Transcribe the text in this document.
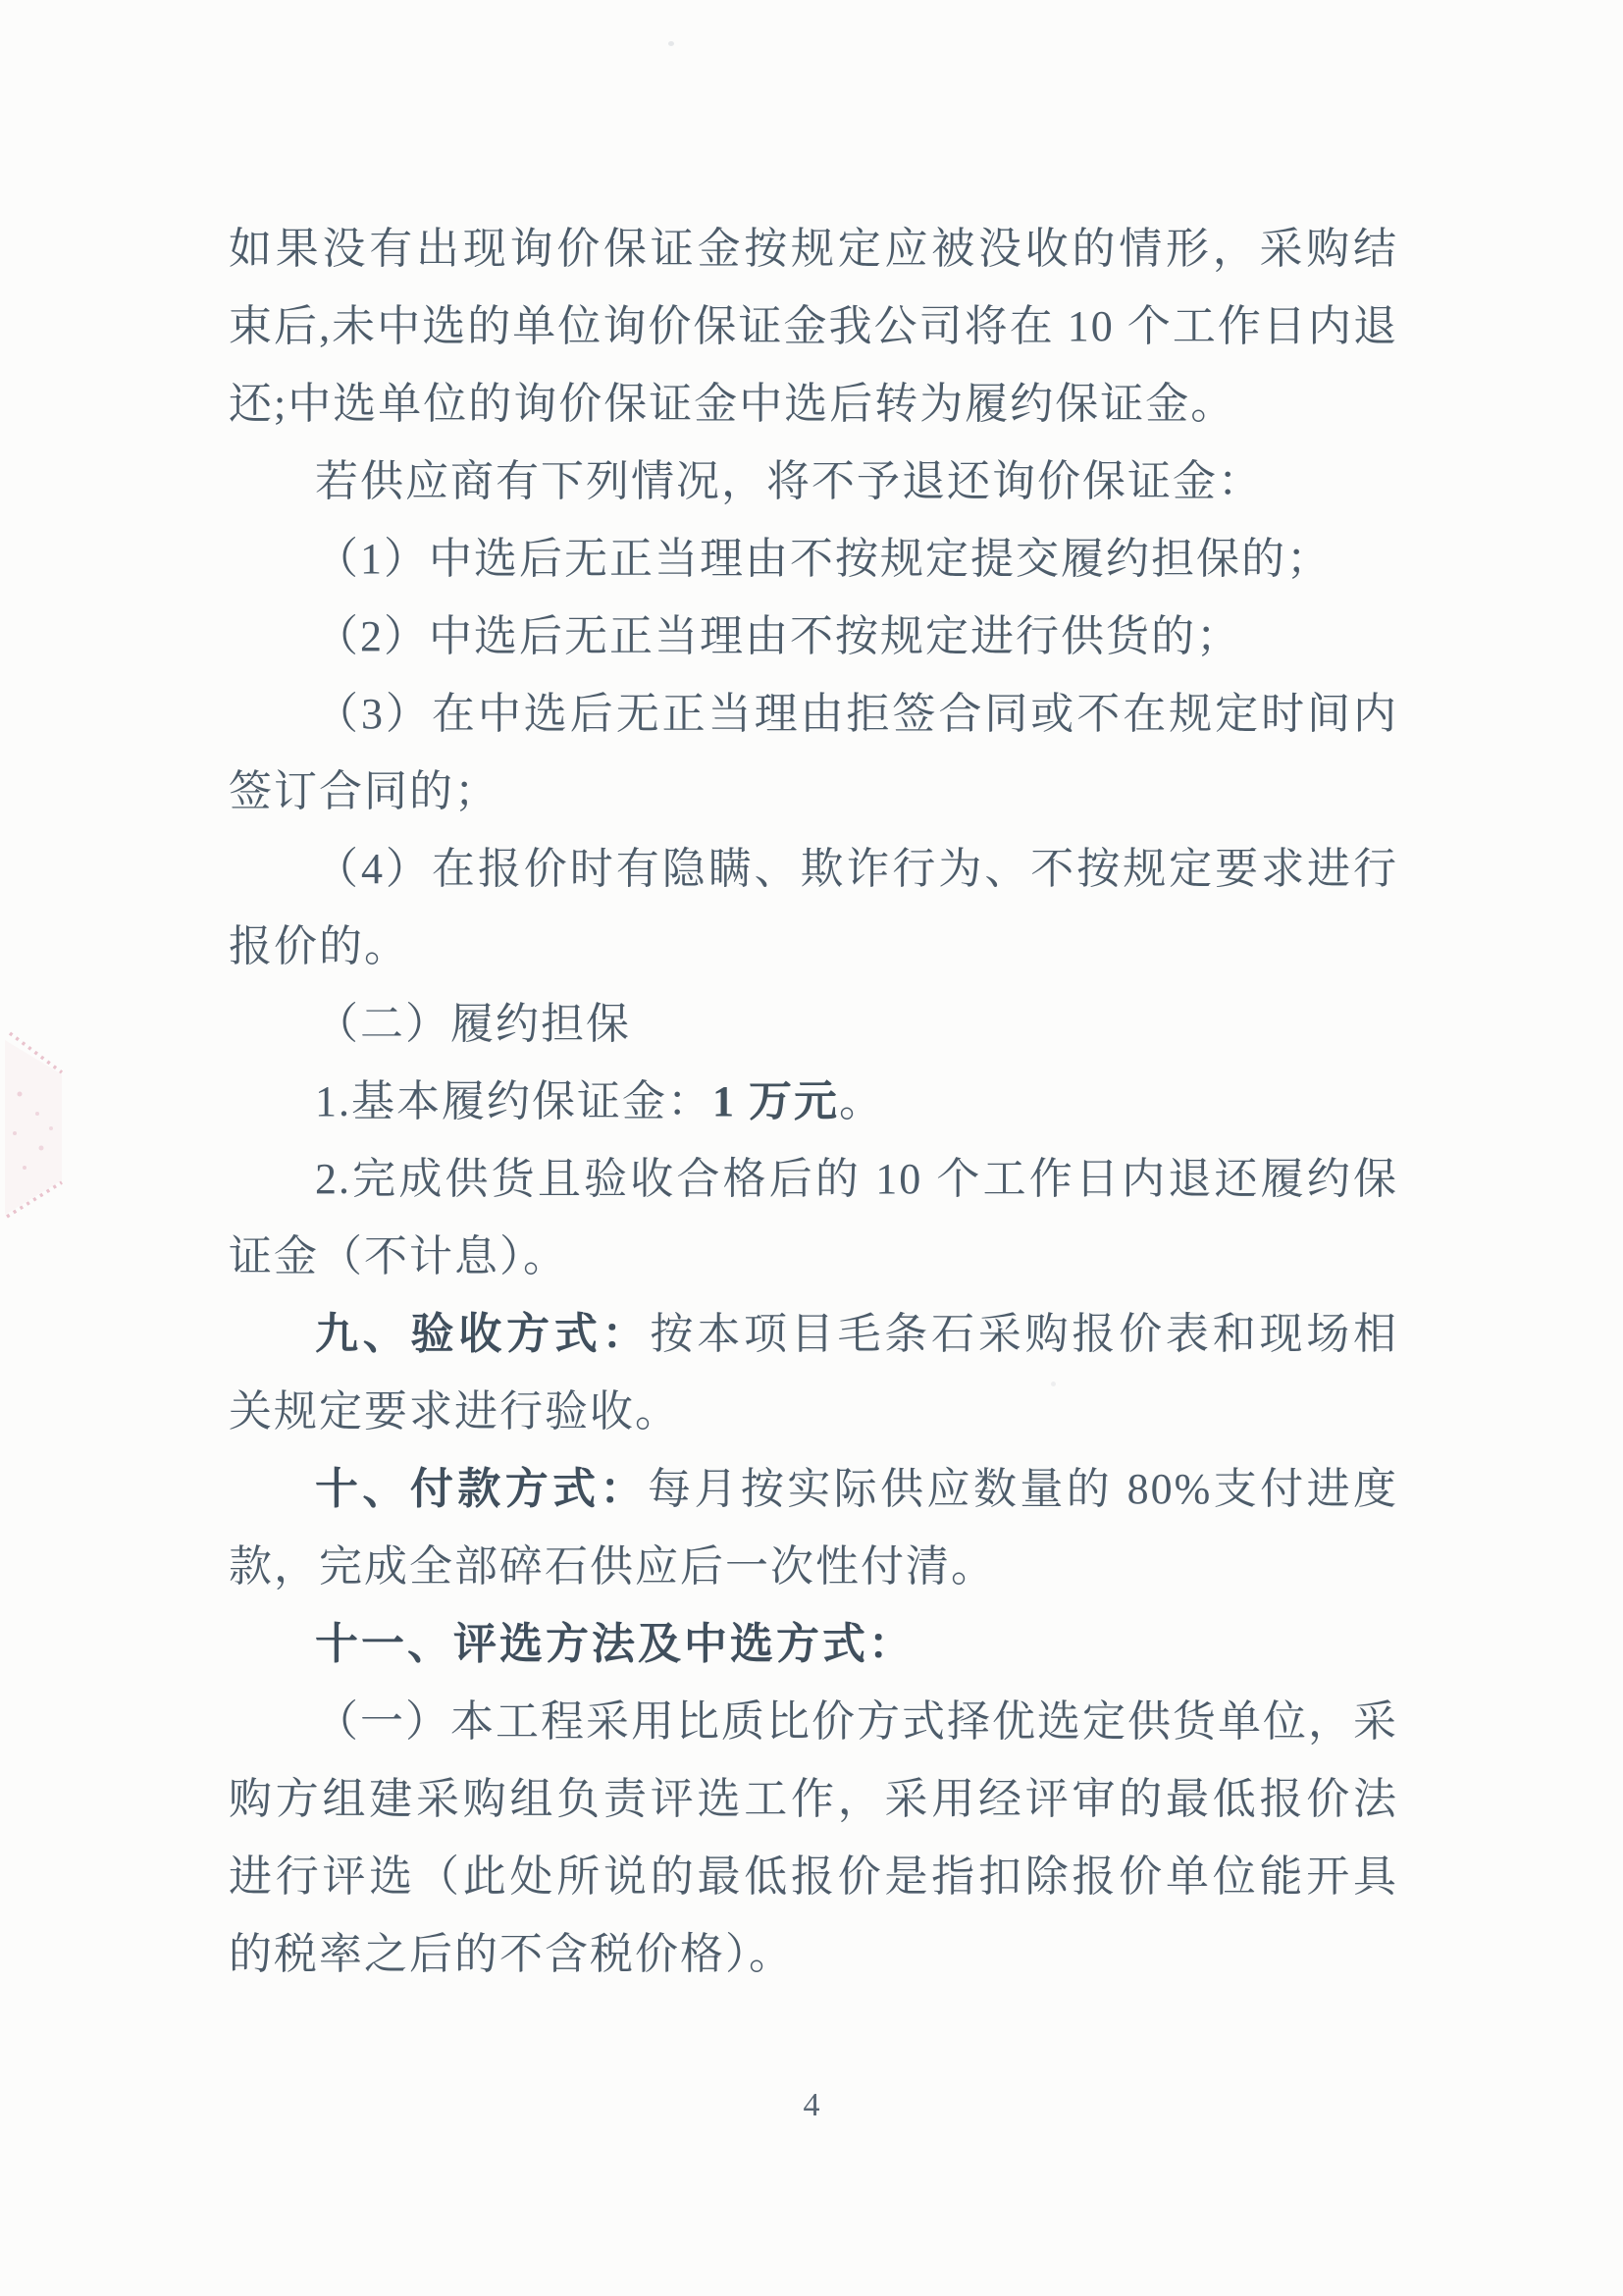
如果没有出现询价保证金按规定应被没收的情形，采购结束后,未中选的单位询价保证金我公司将在 10 个工作日内退还;中选单位的询价保证金中选后转为履约保证金。

若供应商有下列情况，将不予退还询价保证金：

（1）中选后无正当理由不按规定提交履约担保的；

（2）中选后无正当理由不按规定进行供货的；

（3）在中选后无正当理由拒签合同或不在规定时间内签订合同的；

（4）在报价时有隐瞒、欺诈行为、不按规定要求进行报价的。

（二）履约担保

1.基本履约保证金：1 万元。

2.完成供货且验收合格后的 10 个工作日内退还履约保证金（不计息）。

九、验收方式：按本项目毛条石采购报价表和现场相关规定要求进行验收。

十、付款方式：每月按实际供应数量的 80%支付进度款，完成全部碎石供应后一次性付清。

十一、评选方法及中选方式：

（一）本工程采用比质比价方式择优选定供货单位，采购方组建采购组负责评选工作，采用经评审的最低报价法进行评选（此处所说的最低报价是指扣除报价单位能开具的税率之后的不含税价格）。

4
